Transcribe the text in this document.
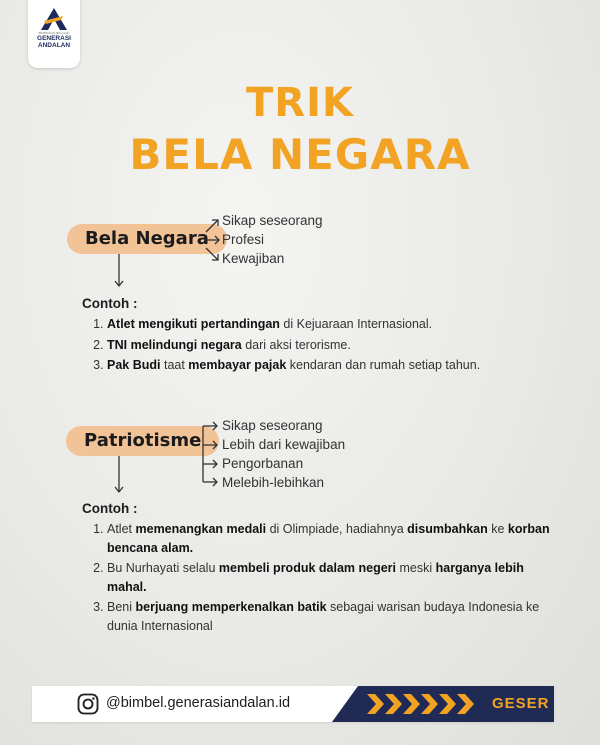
BIMBINGAN BELAJAR
GENERASI
ANDALAN
TRIK
BELA NEGARA
Bela Negara
Sikap seseorang
Profesi
Kewajiban
Contoh :
1. Atlet mengikuti pertandingan di Kejuaraan Internasional.
2. TNI melindungi negara dari aksi terorisme.
3. Pak Budi taat membayar pajak kendaran dan rumah setiap tahun.
Patriotisme
Sikap seseorang
Lebih dari kewajiban
Pengorbanan
Melebih-lebihkan
Contoh :
1. Atlet memenangkan medali di Olimpiade, hadiahnya disumbahkan ke korban bencana alam.
2. Bu Nurhayati selalu membeli produk dalam negeri meski harganya lebih mahal.
3. Beni berjuang memperkenalkan batik sebagai warisan budaya Indonesia ke dunia Internasional
@bimbel.generasiandalan.id	GESER
